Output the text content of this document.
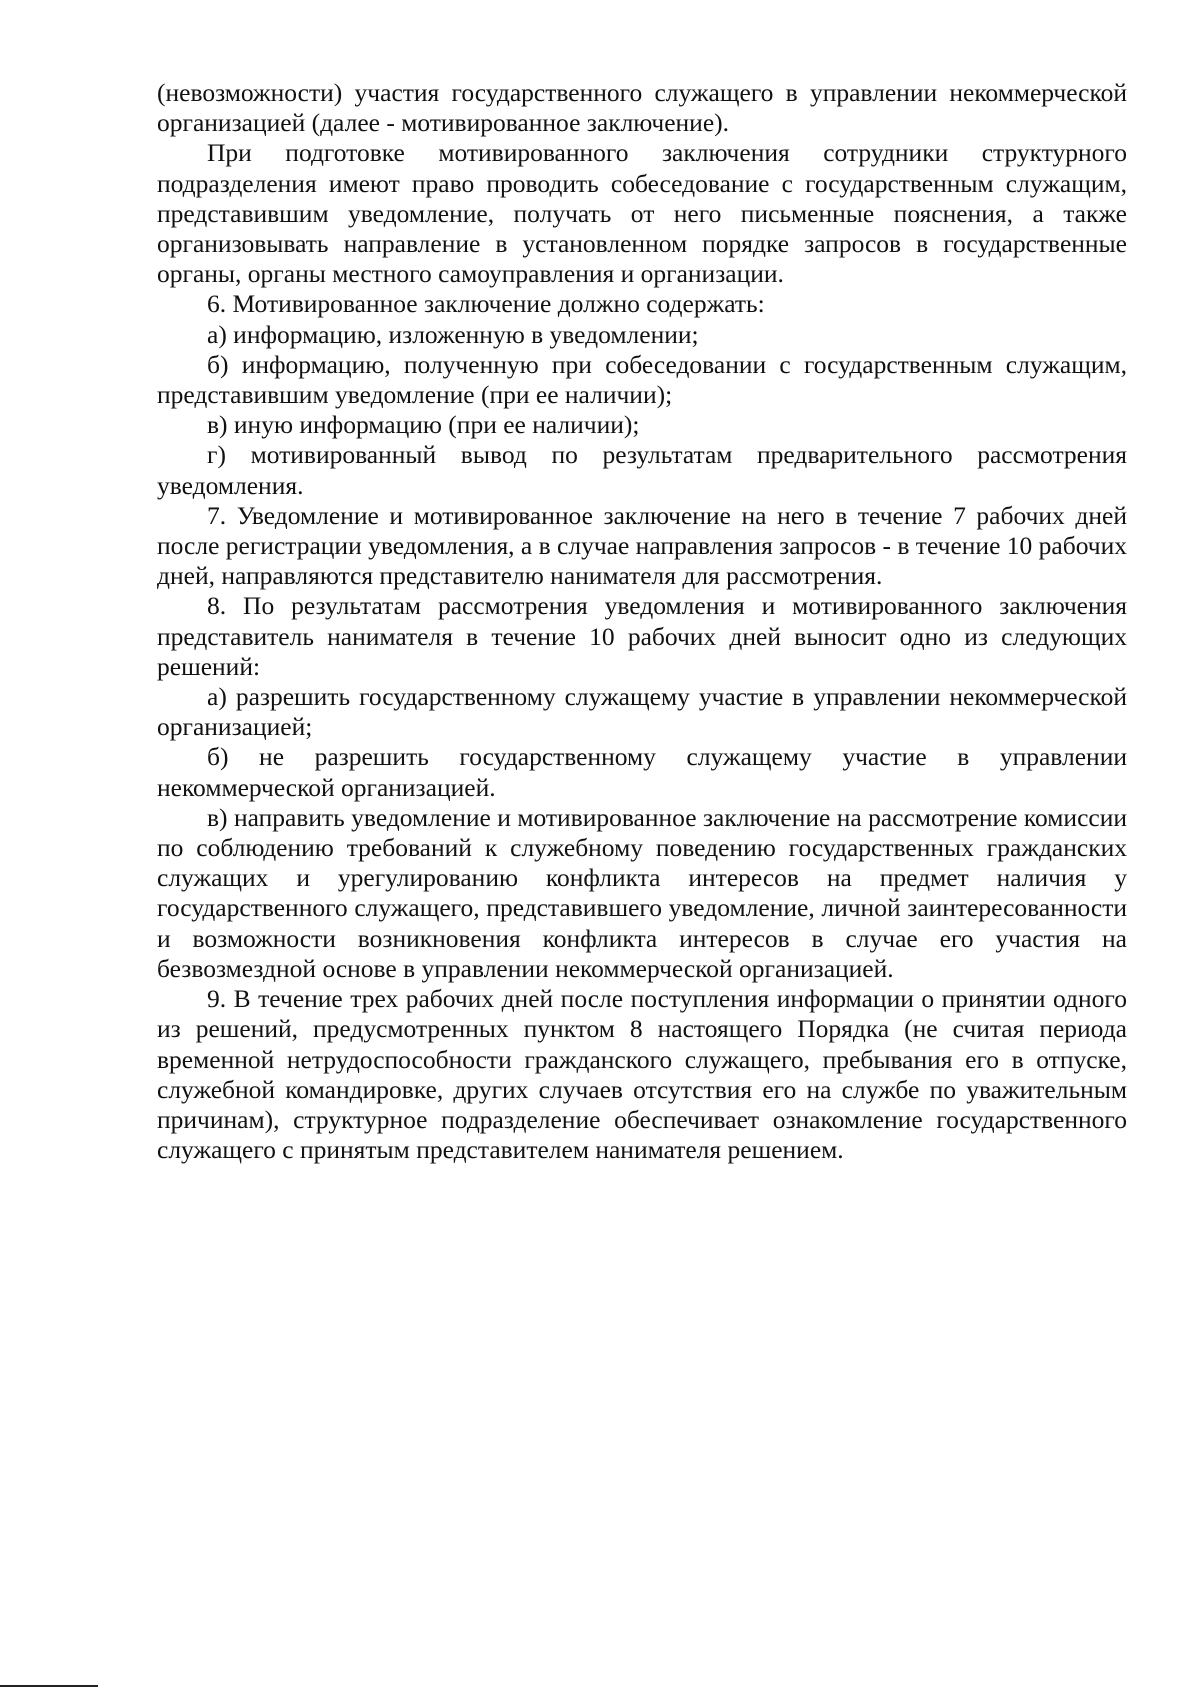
(невозможности) участия государственного служащего в управлении некоммерческой организацией (далее - мотивированное заключение).

При подготовке мотивированного заключения сотрудники структурного подразделения имеют право проводить собеседование с государственным служащим, представившим уведомление, получать от него письменные пояснения, а также организовывать направление в установленном порядке запросов в государственные органы, органы местного самоуправления и организации.

6. Мотивированное заключение должно содержать:

а) информацию, изложенную в уведомлении;

б) информацию, полученную при собеседовании с государственным служащим, представившим уведомление (при ее наличии);

в) иную информацию (при ее наличии);

г) мотивированный вывод по результатам предварительного рассмотрения уведомления.

7. Уведомление и мотивированное заключение на него в течение 7 рабочих дней после регистрации уведомления, а в случае направления запросов - в течение 10 рабочих дней, направляются представителю нанимателя для рассмотрения.

8. По результатам рассмотрения уведомления и мотивированного заключения представитель нанимателя в течение 10 рабочих дней выносит одно из следующих решений:

а) разрешить государственному служащему участие в управлении некоммерческой организацией;

б) не разрешить государственному служащему участие в управлении некоммерческой организацией.

в) направить уведомление и мотивированное заключение на рассмотрение комиссии по соблюдению требований к служебному поведению государственных гражданских служащих и урегулированию конфликта интересов на предмет наличия у государственного служащего, представившего уведомление, личной заинтересованности и возможности возникновения конфликта интересов в случае его участия на безвозмездной основе в управлении некоммерческой организацией.

9. В течение трех рабочих дней после поступления информации о принятии одного из решений, предусмотренных пунктом 8 настоящего Порядка (не считая периода временной нетрудоспособности гражданского служащего, пребывания его в отпуске, служебной командировке, других случаев отсутствия его на службе по уважительным причинам), структурное подразделение обеспечивает ознакомление государственного служащего с принятым представителем нанимателя решением.
